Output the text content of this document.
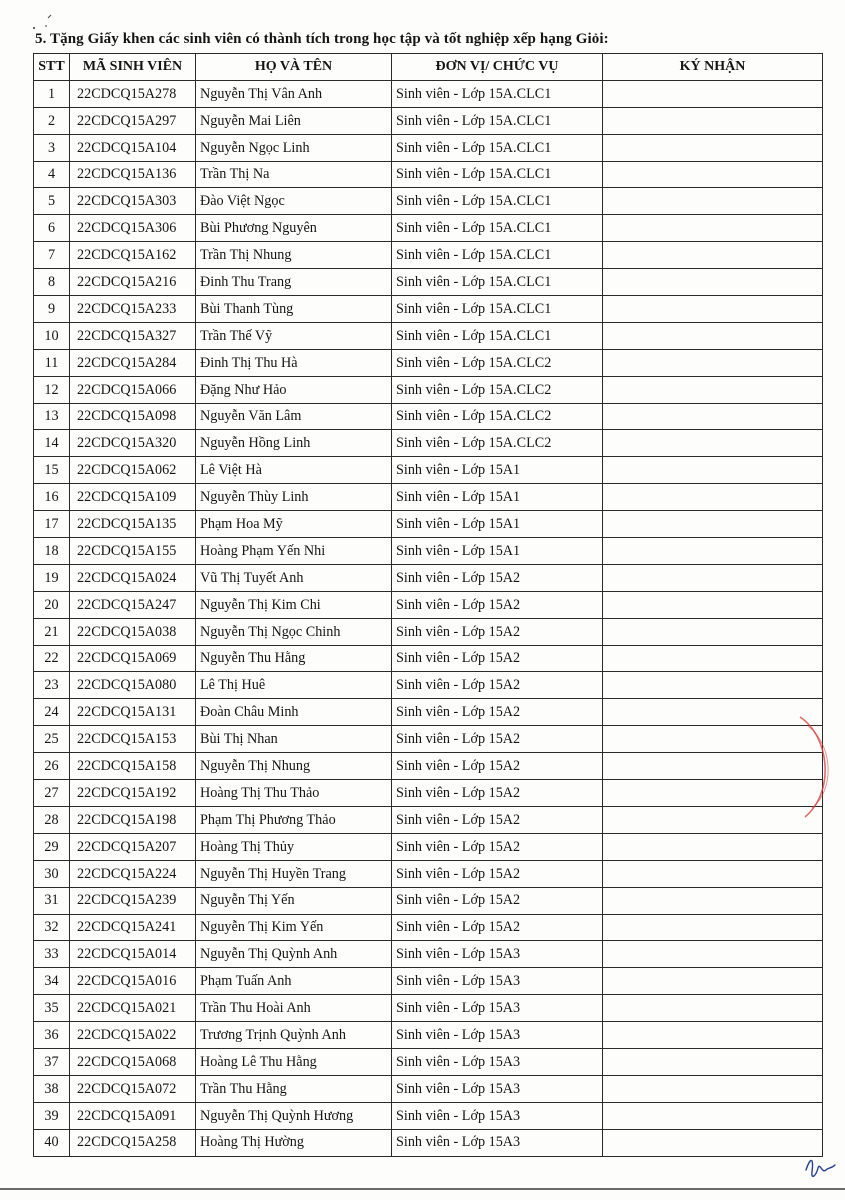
5. Tặng Giấy khen các sinh viên có thành tích trong học tập và tốt nghiệp xếp hạng Giỏi:
STT	MÃ SINH VIÊN	HỌ VÀ TÊN	ĐƠN VỊ/ CHỨC VỤ	KÝ NHẬN
1	22CDCQ15A278	Nguyễn Thị Vân Anh	Sinh viên - Lớp 15A.CLC1	
2	22CDCQ15A297	Nguyễn Mai Liên	Sinh viên - Lớp 15A.CLC1	
3	22CDCQ15A104	Nguyễn Ngọc Linh	Sinh viên - Lớp 15A.CLC1	
4	22CDCQ15A136	Trần Thị Na	Sinh viên - Lớp 15A.CLC1	
5	22CDCQ15A303	Đào Việt Ngọc	Sinh viên - Lớp 15A.CLC1	
6	22CDCQ15A306	Bùi Phương Nguyên	Sinh viên - Lớp 15A.CLC1	
7	22CDCQ15A162	Trần Thị Nhung	Sinh viên - Lớp 15A.CLC1	
8	22CDCQ15A216	Đinh Thu Trang	Sinh viên - Lớp 15A.CLC1	
9	22CDCQ15A233	Bùi Thanh Tùng	Sinh viên - Lớp 15A.CLC1	
10	22CDCQ15A327	Trần Thế Vỹ	Sinh viên - Lớp 15A.CLC1	
11	22CDCQ15A284	Đinh Thị Thu Hà	Sinh viên - Lớp 15A.CLC2	
12	22CDCQ15A066	Đặng Như Hảo	Sinh viên - Lớp 15A.CLC2	
13	22CDCQ15A098	Nguyễn Văn Lâm	Sinh viên - Lớp 15A.CLC2	
14	22CDCQ15A320	Nguyễn Hồng Linh	Sinh viên - Lớp 15A.CLC2	
15	22CDCQ15A062	Lê Việt Hà	Sinh viên - Lớp 15A1	
16	22CDCQ15A109	Nguyễn Thùy Linh	Sinh viên - Lớp 15A1	
17	22CDCQ15A135	Phạm Hoa Mỹ	Sinh viên - Lớp 15A1	
18	22CDCQ15A155	Hoàng Phạm Yến Nhi	Sinh viên - Lớp 15A1	
19	22CDCQ15A024	Vũ Thị Tuyết Anh	Sinh viên - Lớp 15A2	
20	22CDCQ15A247	Nguyễn Thị Kim Chi	Sinh viên - Lớp 15A2	
21	22CDCQ15A038	Nguyễn Thị Ngọc Chinh	Sinh viên - Lớp 15A2	
22	22CDCQ15A069	Nguyễn Thu Hằng	Sinh viên - Lớp 15A2	
23	22CDCQ15A080	Lê Thị Huê	Sinh viên - Lớp 15A2	
24	22CDCQ15A131	Đoàn Châu Minh	Sinh viên - Lớp 15A2	
25	22CDCQ15A153	Bùi Thị Nhan	Sinh viên - Lớp 15A2	
26	22CDCQ15A158	Nguyễn Thị Nhung	Sinh viên - Lớp 15A2	
27	22CDCQ15A192	Hoàng Thị Thu Thảo	Sinh viên - Lớp 15A2	
28	22CDCQ15A198	Phạm Thị Phương Thảo	Sinh viên - Lớp 15A2	
29	22CDCQ15A207	Hoàng Thị Thủy	Sinh viên - Lớp 15A2	
30	22CDCQ15A224	Nguyễn Thị Huyền Trang	Sinh viên - Lớp 15A2	
31	22CDCQ15A239	Nguyễn Thị Yến	Sinh viên - Lớp 15A2	
32	22CDCQ15A241	Nguyễn Thị Kim Yến	Sinh viên - Lớp 15A2	
33	22CDCQ15A014	Nguyễn Thị Quỳnh Anh	Sinh viên - Lớp 15A3	
34	22CDCQ15A016	Phạm Tuấn Anh	Sinh viên - Lớp 15A3	
35	22CDCQ15A021	Trần Thu Hoài Anh	Sinh viên - Lớp 15A3	
36	22CDCQ15A022	Trương Trịnh Quỳnh Anh	Sinh viên - Lớp 15A3	
37	22CDCQ15A068	Hoàng Lê Thu Hằng	Sinh viên - Lớp 15A3	
38	22CDCQ15A072	Trần Thu Hằng	Sinh viên - Lớp 15A3	
39	22CDCQ15A091	Nguyễn Thị Quỳnh Hương	Sinh viên - Lớp 15A3	
40	22CDCQ15A258	Hoàng Thị Hường	Sinh viên - Lớp 15A3	
